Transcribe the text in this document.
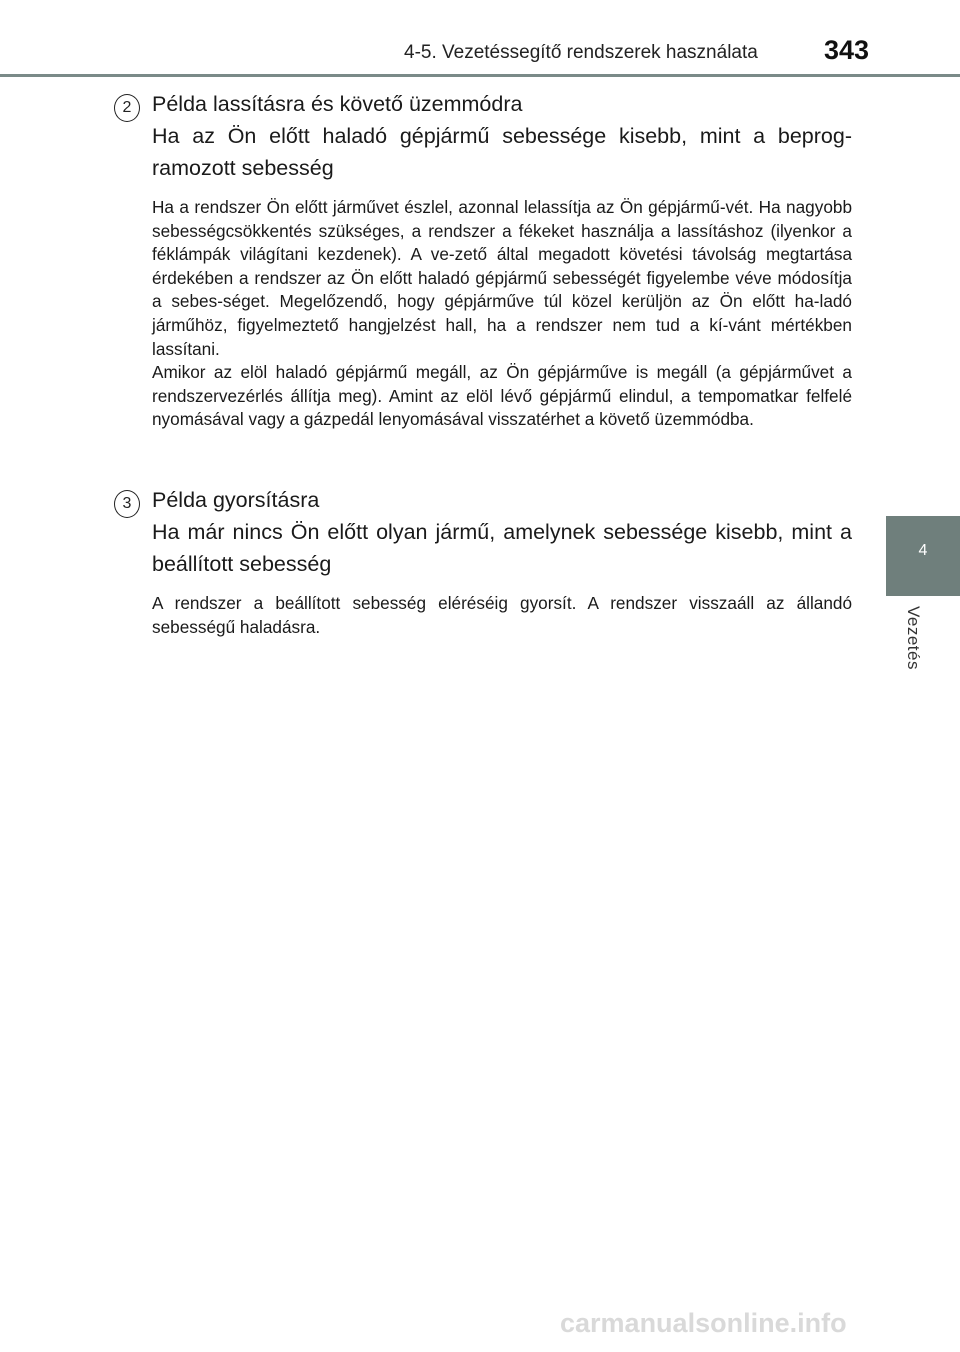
4-5. Vezetéssegítő rendszerek használata 343
4
Vezetés
2 Példa lassításra és követő üzemmódra

Ha az Ön előtt haladó gépjármű sebessége kisebb, mint a beprog-ramozott sebesség

Ha a rendszer Ön előtt járművet észlel, azonnal lelassítja az Ön gépjármű-vét. Ha nagyobb sebességcsökkentés szükséges, a rendszer a fékeket használja a lassításhoz (ilyenkor a féklámpák világítani kezdenek). A ve-zető által megadott követési távolság megtartása érdekében a rendszer az Ön előtt haladó gépjármű sebességét figyelembe véve módosítja a sebes-séget. Megelőzendő, hogy gépjárműve túl közel kerüljön az Ön előtt ha-ladó járműhöz, figyelmeztető hangjelzést hall, ha a rendszer nem tud a kí-vánt mértékben lassítani.

Amikor az elöl haladó gépjármű megáll, az Ön gépjárműve is megáll (a gépjárművet a rendszervezérlés állítja meg). Amint az elöl lévő gépjármű elindul, a tempomatkar felfelé nyomásával vagy a gázpedál lenyomásával visszatérhet a követő üzemmódba.

3 Példa gyorsításra

Ha már nincs Ön előtt olyan jármű, amelynek sebessége kisebb, mint a beállított sebesség

A rendszer a beállított sebesség eléréséig gyorsít. A rendszer visszaáll az állandó sebességű haladásra.

carmanualsonline.info
